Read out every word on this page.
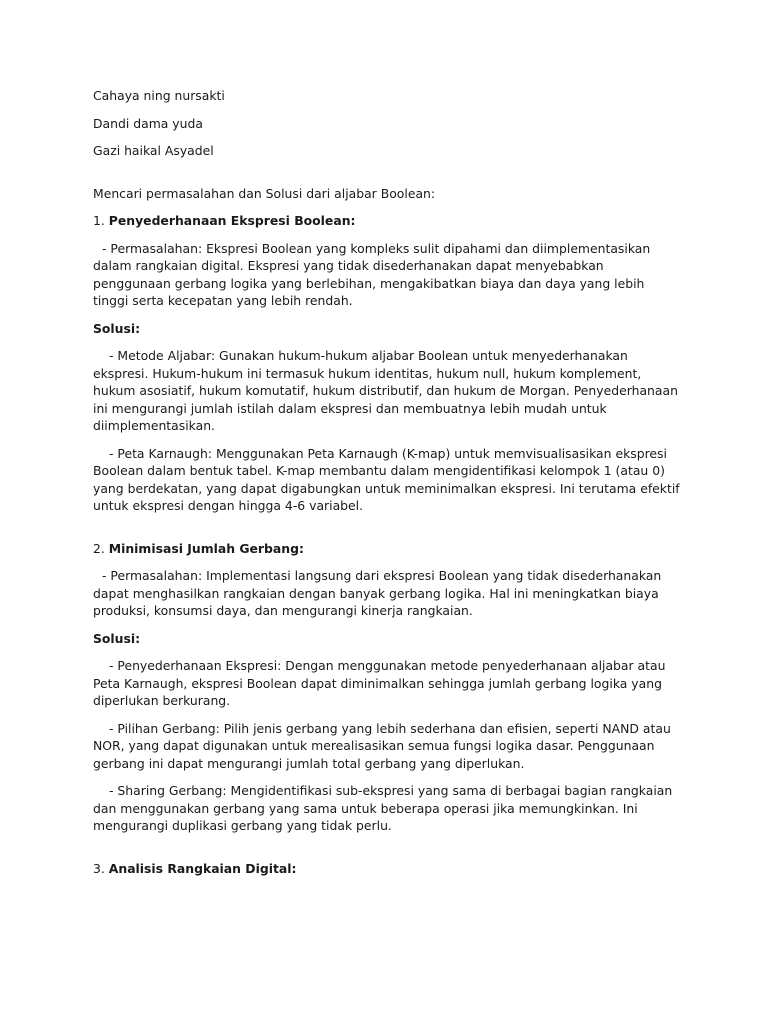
Cahaya ning nursakti

Dandi dama yuda

Gazi haikal Asyadel

Mencari permasalahan dan Solusi dari aljabar Boolean:

1. Penyederhanaan Ekspresi Boolean:

- Permasalahan: Ekspresi Boolean yang kompleks sulit dipahami dan diimplementasikan dalam rangkaian digital. Ekspresi yang tidak disederhanakan dapat menyebabkan penggunaan gerbang logika yang berlebihan, mengakibatkan biaya dan daya yang lebih tinggi serta kecepatan yang lebih rendah.

Solusi:

- Metode Aljabar: Gunakan hukum-hukum aljabar Boolean untuk menyederhanakan ekspresi. Hukum-hukum ini termasuk hukum identitas, hukum null, hukum komplement, hukum asosiatif, hukum komutatif, hukum distributif, dan hukum de Morgan. Penyederhanaan ini mengurangi jumlah istilah dalam ekspresi dan membuatnya lebih mudah untuk diimplementasikan.

- Peta Karnaugh: Menggunakan Peta Karnaugh (K-map) untuk memvisualisasikan ekspresi Boolean dalam bentuk tabel. K-map membantu dalam mengidentifikasi kelompok 1 (atau 0) yang berdekatan, yang dapat digabungkan untuk meminimalkan ekspresi. Ini terutama efektif untuk ekspresi dengan hingga 4-6 variabel.

2. Minimisasi Jumlah Gerbang:

- Permasalahan: Implementasi langsung dari ekspresi Boolean yang tidak disederhanakan dapat menghasilkan rangkaian dengan banyak gerbang logika. Hal ini meningkatkan biaya produksi, konsumsi daya, dan mengurangi kinerja rangkaian.

Solusi:

- Penyederhanaan Ekspresi: Dengan menggunakan metode penyederhanaan aljabar atau Peta Karnaugh, ekspresi Boolean dapat diminimalkan sehingga jumlah gerbang logika yang diperlukan berkurang.

- Pilihan Gerbang: Pilih jenis gerbang yang lebih sederhana dan efisien, seperti NAND atau NOR, yang dapat digunakan untuk merealisasikan semua fungsi logika dasar. Penggunaan gerbang ini dapat mengurangi jumlah total gerbang yang diperlukan.

- Sharing Gerbang: Mengidentifikasi sub-ekspresi yang sama di berbagai bagian rangkaian dan menggunakan gerbang yang sama untuk beberapa operasi jika memungkinkan. Ini mengurangi duplikasi gerbang yang tidak perlu.

3. Analisis Rangkaian Digital:
